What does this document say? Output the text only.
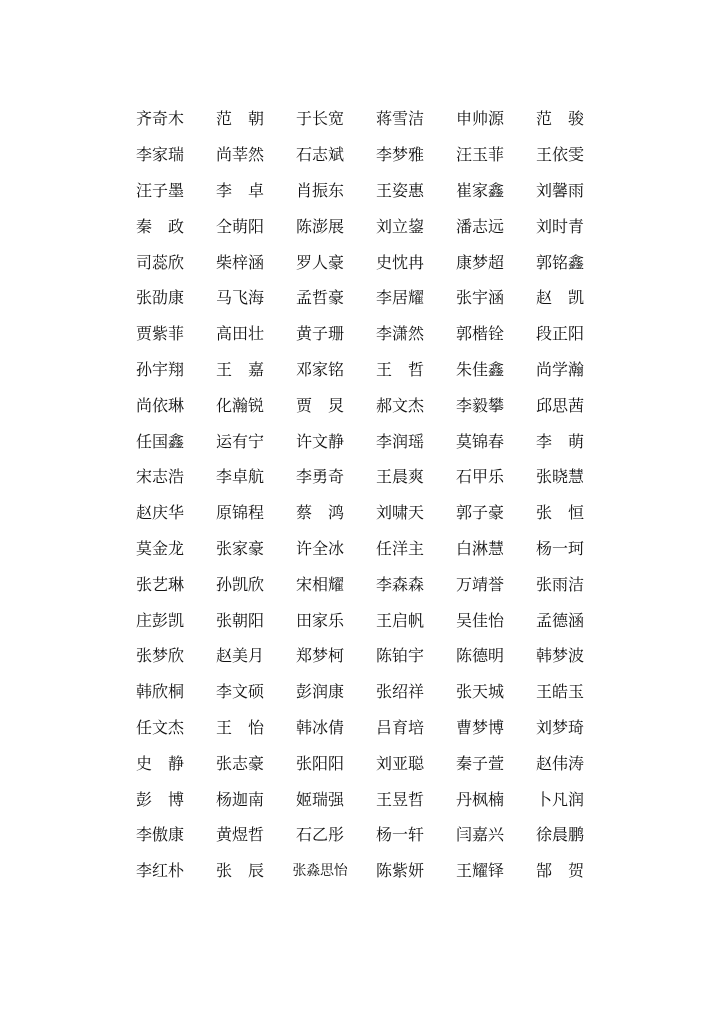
齐奇木	范　朝	于长宽	蒋雪洁	申帅源	范　骏
李家瑞	尚莘然	石志斌	李梦雅	汪玉菲	王依雯
汪子墨	李　卓	肖振东	王姿惠	崔家鑫	刘馨雨
秦　政	仝萌阳	陈澎展	刘立鋆	潘志远	刘时青
司蕊欣	柴梓涵	罗人豪	史忱冉	康梦超	郭铭鑫
张劭康	马飞海	孟哲豪	李居耀	张宇涵	赵　凯
贾紫菲	高田壮	黄子珊	李潇然	郭楷铨	段正阳
孙宇翔	王　嘉	邓家铭	王　哲	朱佳鑫	尚学瀚
尚依琳	化瀚锐	贾　炅	郝文杰	李毅攀	邱思茜
任国鑫	运有宁	许文静	李润瑶	莫锦春	李　萌
宋志浩	李卓航	李勇奇	王晨爽	石甲乐	张晓慧
赵庆华	原锦程	蔡　鸿	刘啸天	郭子豪	张　恒
莫金龙	张家豪	许全冰	任洋主	白淋慧	杨一珂
张艺琳	孙凯欣	宋相耀	李森森	万靖誉	张雨洁
庄彭凯	张朝阳	田家乐	王启帆	吴佳怡	孟德涵
张梦欣	赵美月	郑梦柯	陈铂宇	陈德明	韩梦波
韩欣桐	李文硕	彭润康	张绍祥	张天城	王皓玉
任文杰	王　怡	韩冰倩	吕育培	曹梦博	刘梦琦
史　静	张志豪	张阳阳	刘亚聪	秦子萱	赵伟涛
彭　博	杨迦南	姬瑞强	王昱哲	丹枫楠	卜凡润
李傲康	黄煜哲	石乙彤	杨一轩	闫嘉兴	徐晨鹏
李红朴	张　辰	张淼思怡	陈紫妍	王耀铎	郜　贺
